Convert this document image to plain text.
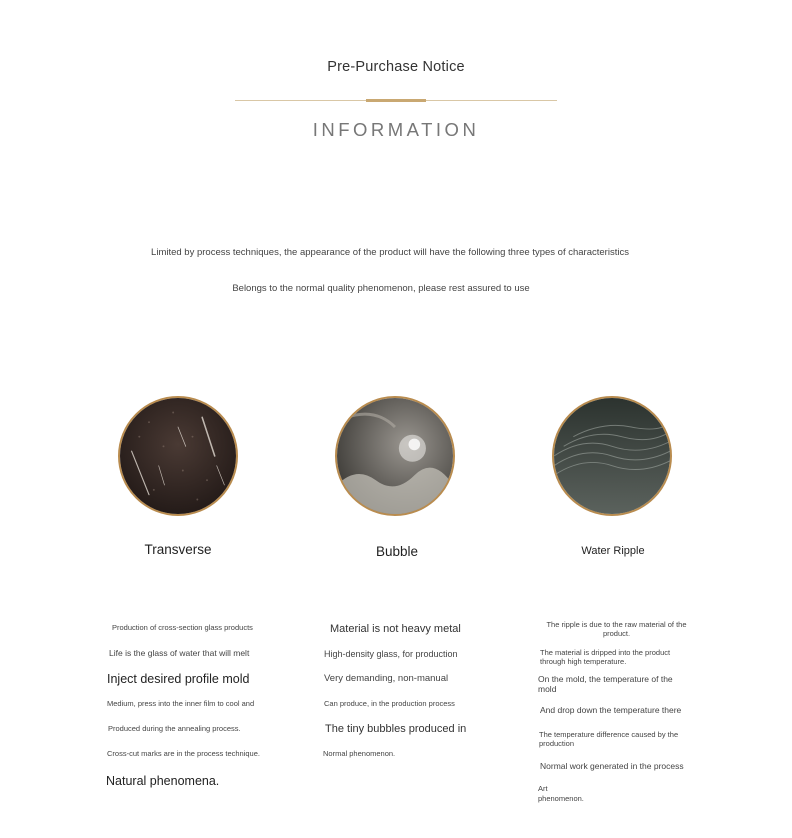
Pre-Purchase Notice
INFORMATION
Limited by process techniques, the appearance of the product will have the following three types of characteristics
Belongs to the normal quality phenomenon, please rest assured to use
Transverse	Bubble	Water Ripple
Production of cross-section glass products
Life is the glass of water that will melt
Inject desired profile mold
Medium, press into the inner film to cool and
Produced during the annealing process.
Cross-cut marks are in the process technique.
Natural phenomena.
Material is not heavy metal
High-density glass, for production
Very demanding, non-manual
Can produce, in the production process
The tiny bubbles produced in
Normal phenomenon.
The ripple is due to the raw material of the product.
The material is dripped into the product through high temperature.
On the mold, the temperature of the mold
And drop down the temperature there
The temperature difference caused by the production
Normal work generated in the process
Art phenomenon.
